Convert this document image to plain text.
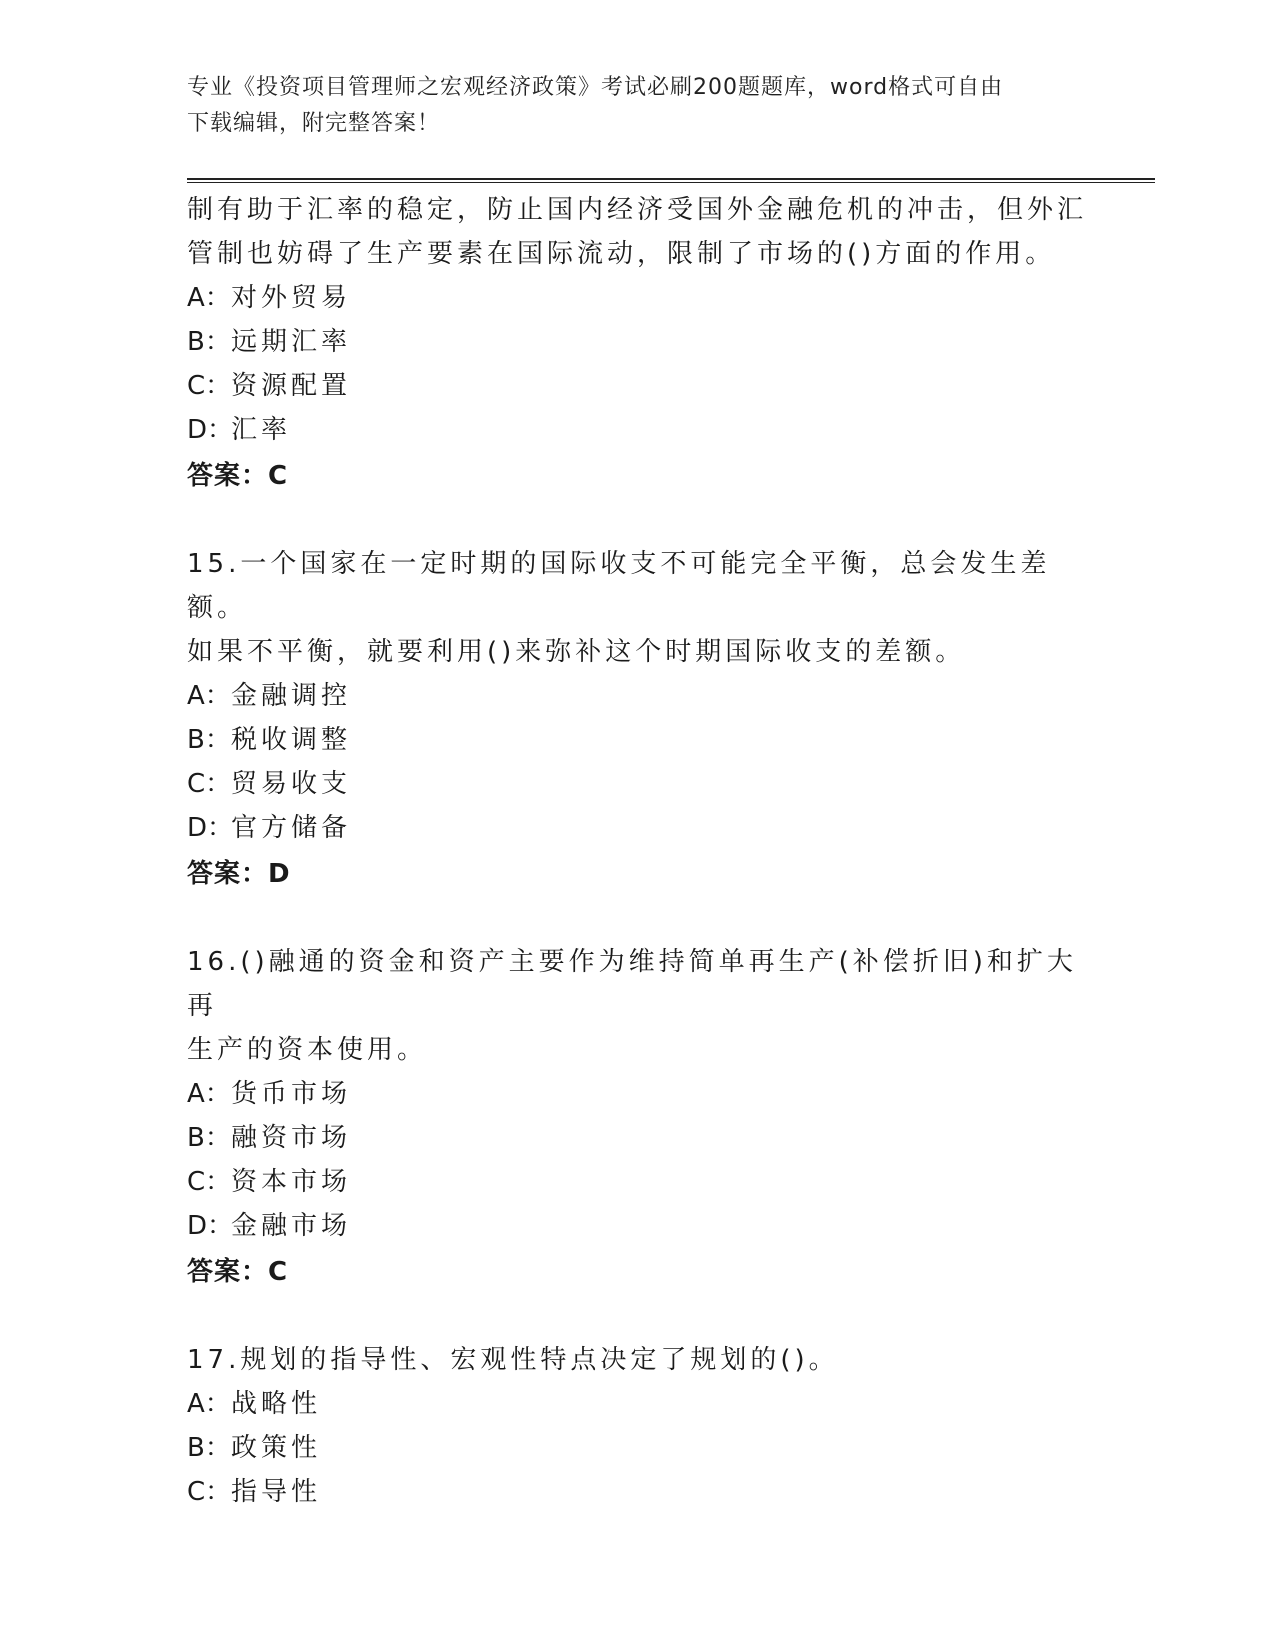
专业《投资项目管理师之宏观经济政策》考试必刷200题题库，word格式可自由
下载编辑，附完整答案！

制有助于汇率的稳定，防止国内经济受国外金融危机的冲击，但外汇

管制也妨碍了生产要素在国际流动，限制了市场的()方面的作用。

A：对外贸易

B：远期汇率

C：资源配置

D：汇率

答案：C

15.一个国家在一定时期的国际收支不可能完全平衡，总会发生差额。

如果不平衡，就要利用()来弥补这个时期国际收支的差额。

A：金融调控

B：税收调整

C：贸易收支

D：官方储备

答案：D

16.()融通的资金和资产主要作为维持简单再生产(补偿折旧)和扩大再

生产的资本使用。

A：货币市场

B：融资市场

C：资本市场

D：金融市场

答案：C

17.规划的指导性、宏观性特点决定了规划的()。

A：战略性

B：政策性

C：指导性
